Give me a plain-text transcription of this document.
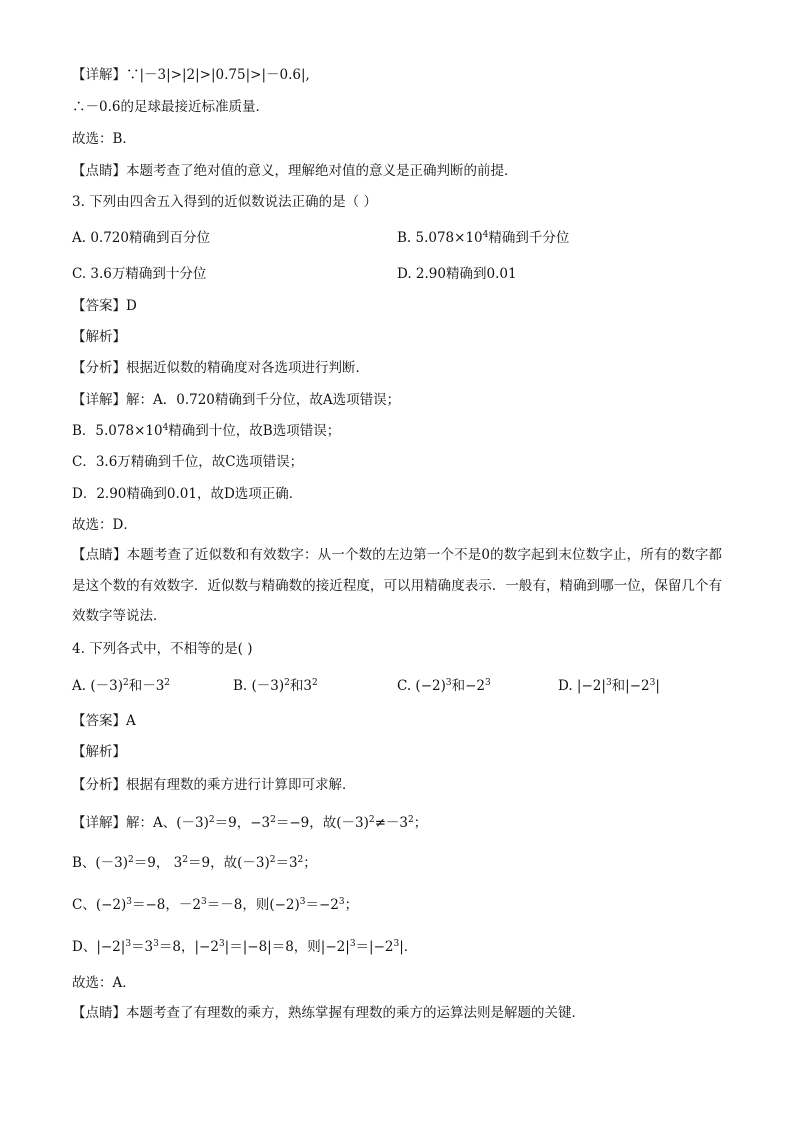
【详解】∵|－3|>|2|>|0.75|>|－0.6|,
∴－0.6的足球最接近标准质量．
故选：B．
【点睛】本题考查了绝对值的意义，理解绝对值的意义是正确判断的前提．
3. 下列由四舍五入得到的近似数说法正确的是（ ）
A. 0.720精确到百分位	B. $5.078\times 10^4$精确到千分位
C. 3.6万精确到十分位	D. 2.90精确到0.01
【答案】D
【解析】
【分析】根据近似数的精确度对各选项进行判断．
【详解】解：A．0.720精确到千分位，故A选项错误；
B．$5.078\times 10^4$精确到十位，故B选项错误；
C．3.6万精确到千位，故C选项错误；
D．2.90精确到0.01，故D选项正确．
故选：D．
【点睛】本题考查了近似数和有效数字：从一个数的左边第一个不是0的数字起到末位数字止，所有的数字都是这个数的有效数字．近似数与精确数的接近程度，可以用精确度表示．一般有，精确到哪一位，保留几个有效数字等说法．
4. 下列各式中，不相等的是( )
A. $(-3)^2$和$-3^2$	B. $(-3)^2$和$3^2$	C. $(-2)^3$和$-2^3$	D. $|-2|^3$和$|-2^3|$
【答案】A
【解析】
【分析】根据有理数的乘方进行计算即可求解．
【详解】解：A、$(-3)^2=9$，$-3^2=-9$，故$(-3)^2\ne-3^2$；
B、$(-3)^2=9$， $3^2=9$，故$(-3)^2=3^2$；
C、$(-2)^3=-8$，$-2^3=-8$，则$(-2)^3=-2^3$；
D、$|-2|^3=3^3=8$，$|-2^3|=|-8|=8$，则$|-2|^3=|-2^3|$．
故选：A．
【点睛】本题考查了有理数的乘方，熟练掌握有理数的乘方的运算法则是解题的关键．
